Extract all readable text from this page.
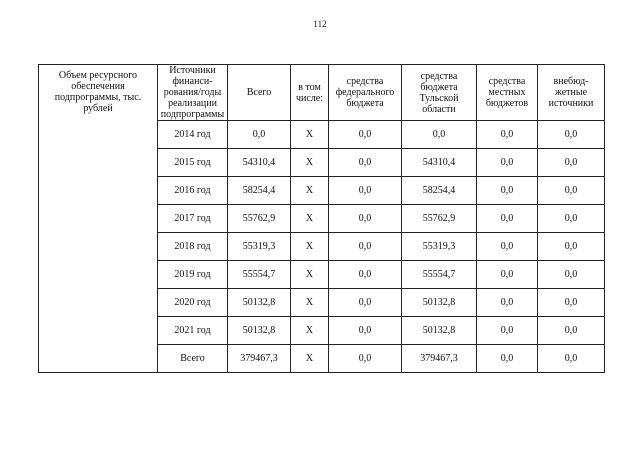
112
Объем ресурсного обеспечения подпрограммы, тыс. рублей	Источники финанси-рования/годы реализации подпрограммы	Всего	в том числе:	средства федерального бюджета	средства бюджета Тульской области	средства местных бюджетов	внебюд-жетные источники
	2014 год	0,0	X	0,0	0,0	0,0	0,0
	2015 год	54310,4	X	0,0	54310,4	0,0	0,0
	2016 год	58254,4	X	0,0	58254,4	0,0	0,0
	2017 год	55762,9	X	0,0	55762,9	0,0	0,0
	2018 год	55319,3	X	0,0	55319,3	0,0	0,0
	2019 год	55554,7	X	0,0	55554,7	0,0	0,0
	2020 год	50132,8	X	0,0	50132,8	0,0	0,0
	2021 год	50132,8	X	0,0	50132,8	0,0	0,0
	Всего	379467,3	X	0,0	379467,3	0,0	0,0
